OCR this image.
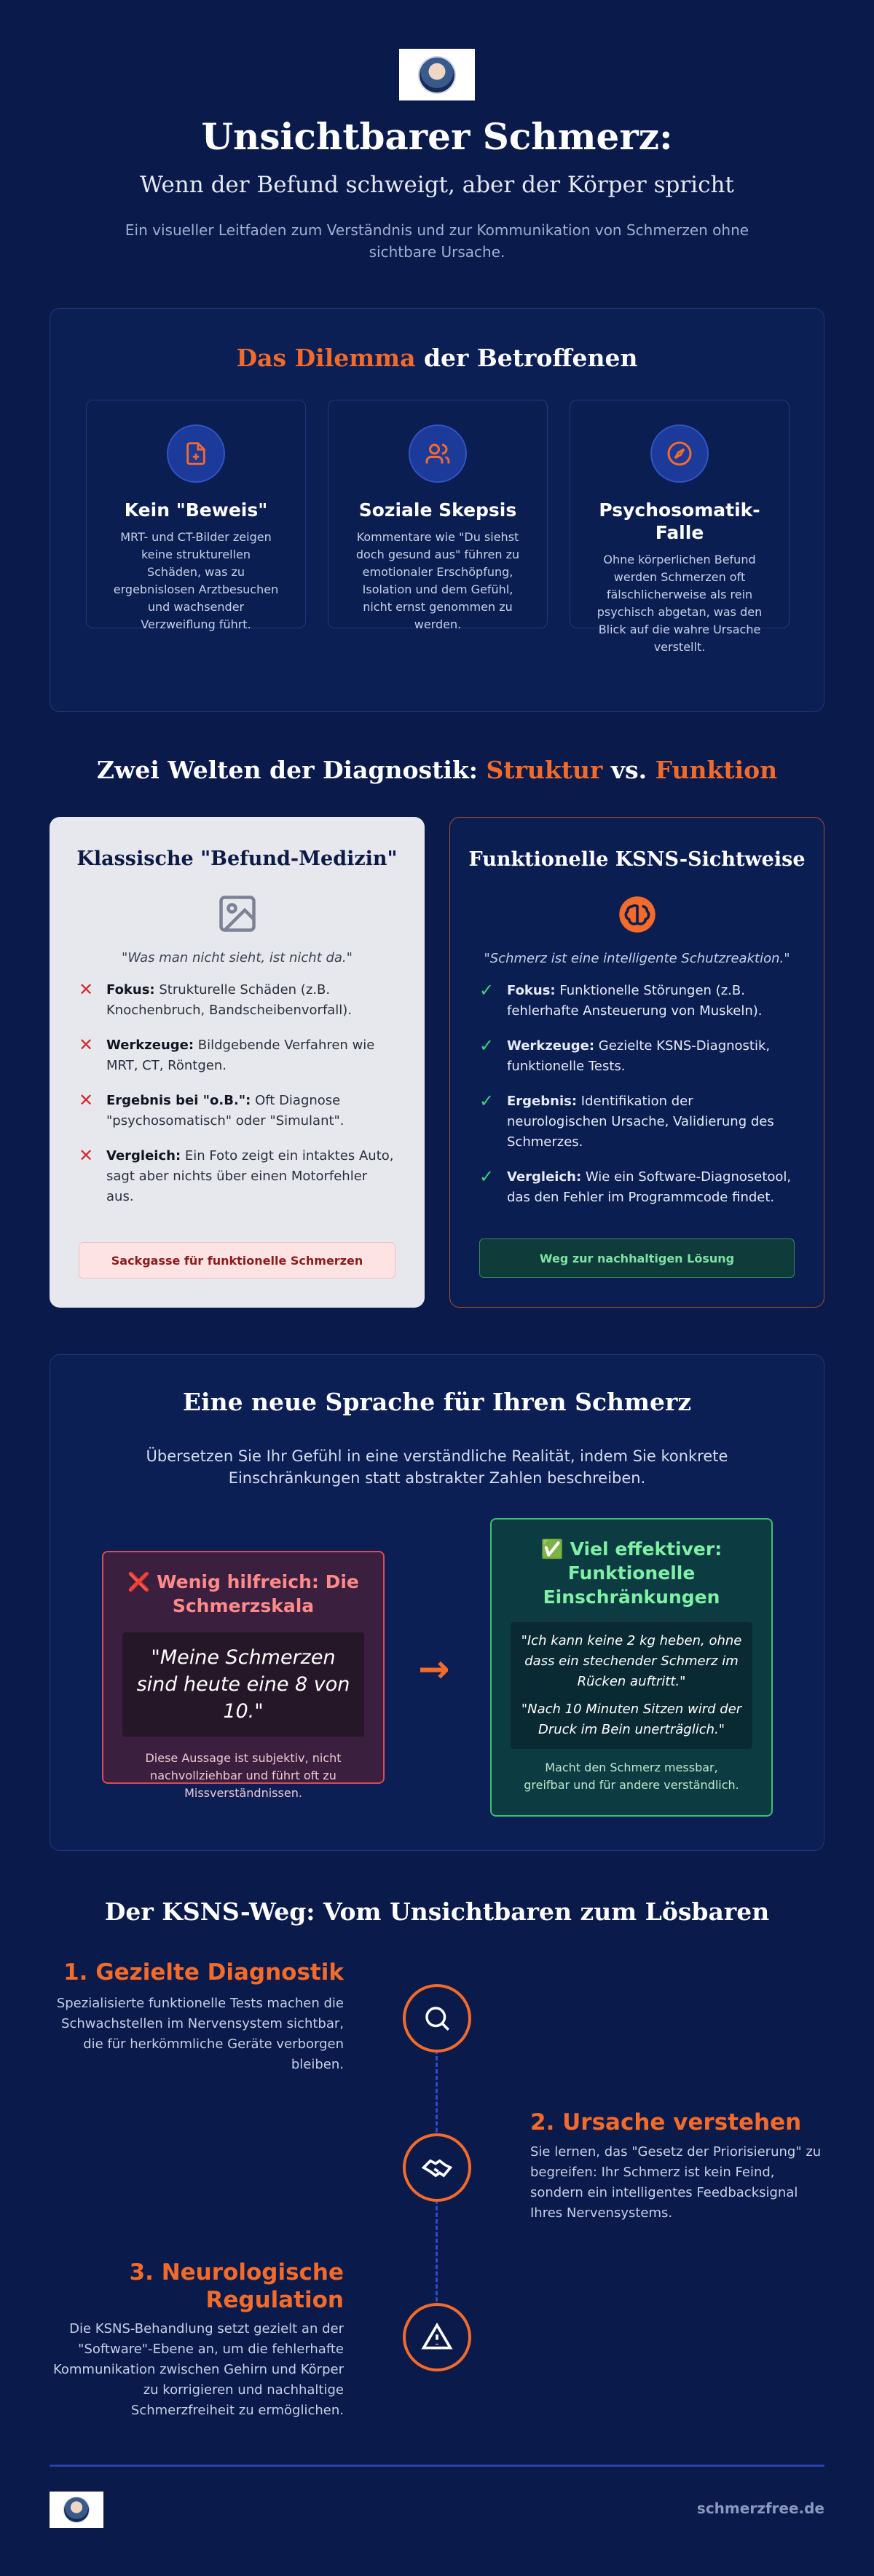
Unsichtbarer Schmerz:
Wenn der Befund schweigt, aber der Körper spricht
Ein visueller Leitfaden zum Verständnis und zur Kommunikation von Schmerzen ohne sichtbare Ursache.
Das Dilemma der Betroffenen
Kein "Beweis"

MRT- und CT-Bilder zeigen keine strukturellen Schäden, was zu ergebnislosen Arztbesuchen und wachsender Verzweiflung führt.

Soziale Skepsis

Kommentare wie "Du siehst doch gesund aus" führen zu emotionaler Erschöpfung, Isolation und dem Gefühl, nicht ernst genommen zu werden.

Psychosomatik-Falle

Ohne körperlichen Befund werden Schmerzen oft fälschlicherweise als rein psychisch abgetan, was den Blick auf die wahre Ursache verstellt.

Zwei Welten der Diagnostik: Struktur vs. Funktion
Klassische "Befund-Medizin"
"Was man nicht sieht, ist nicht da."
✕ Fokus: Strukturelle Schäden (z.B. Knochenbruch, Bandscheibenvorfall).
✕ Werkzeuge: Bildgebende Verfahren wie MRT, CT, Röntgen.
✕ Ergebnis bei "o.B.": Oft Diagnose "psychosomatisch" oder "Simulant".
✕ Vergleich: Ein Foto zeigt ein intaktes Auto, sagt aber nichts über einen Motorfehler aus.
Sackgasse für funktionelle Schmerzen
Funktionelle KSNS-Sichtweise
"Schmerz ist eine intelligente Schutzreaktion."
✓ Fokus: Funktionelle Störungen (z.B. fehlerhafte Ansteuerung von Muskeln).
✓ Werkzeuge: Gezielte KSNS-Diagnostik, funktionelle Tests.
✓ Ergebnis: Identifikation der neurologischen Ursache, Validierung des Schmerzes.
✓ Vergleich: Wie ein Software-Diagnosetool, das den Fehler im Programmcode findet.
Weg zur nachhaltigen Lösung
Eine neue Sprache für Ihren Schmerz
Übersetzen Sie Ihr Gefühl in eine verständliche Realität, indem Sie konkrete Einschränkungen statt abstrakter Zahlen beschreiben.
❌ Wenig hilfreich: Die Schmerzskala
"Meine Schmerzen sind heute eine 8 von 10."
Diese Aussage ist subjektiv, nicht nachvollziehbar und führt oft zu Missverständnissen.
→
✅ Viel effektiver: Funktionelle Einschränkungen

"Ich kann keine 2 kg heben, ohne dass ein stechender Schmerz im Rücken auftritt."

"Nach 10 Minuten Sitzen wird der Druck im Bein unerträglich."

Macht den Schmerz messbar, greifbar und für andere verständlich.
Der KSNS-Weg: Vom Unsichtbaren zum Lösbaren
1. Gezielte Diagnostik
Spezialisierte funktionelle Tests machen die Schwachstellen im Nervensystem sichtbar, die für herkömmliche Geräte verborgen bleiben.
2. Ursache verstehen
Sie lernen, das "Gesetz der Priorisierung" zu begreifen: Ihr Schmerz ist kein Feind, sondern ein intelligentes Feedbacksignal Ihres Nervensystems.
3. Neurologische Regulation
Die KSNS-Behandlung setzt gezielt an der "Software"-Ebene an, um die fehlerhafte Kommunikation zwischen Gehirn und Körper zu korrigieren und nachhaltige Schmerzfreiheit zu ermöglichen.
schmerzfree.de
